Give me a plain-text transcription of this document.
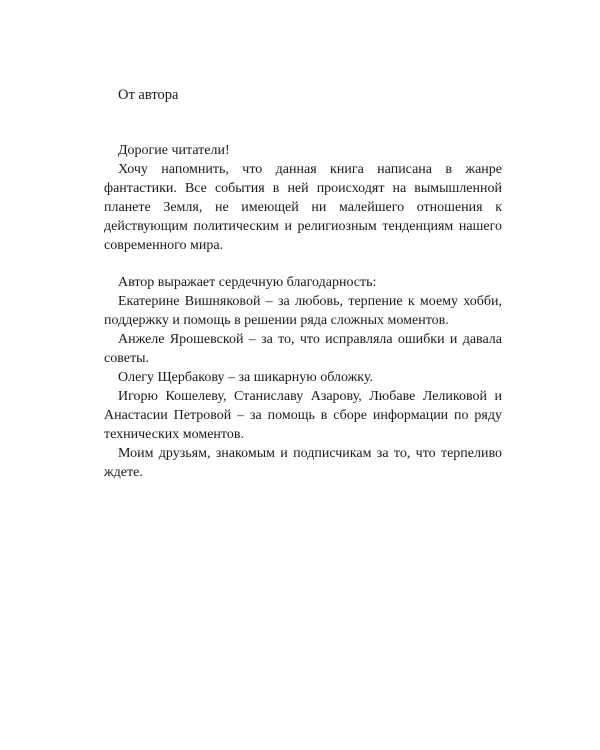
От автора

Дорогие читатели!

Хочу напомнить, что данная книга написана в жанре фантастики. Все события в ней происходят на вымышленной планете Земля, не имеющей ни малейшего отношения к действующим политическим и религиозным тенденциям нашего современного мира.

Автор выражает сердечную благодарность:

Екатерине Вишняковой – за любовь, терпение к моему хобби, поддержку и помощь в решении ряда сложных моментов.

Анжеле Ярошевской – за то, что исправляла ошибки и давала советы.

Олегу Щербакову – за шикарную обложку.

Игорю Кошелеву, Станиславу Азарову, Любаве Леликовой и Анастасии Петровой – за помощь в сборе информации по ряду технических моментов.

Моим друзьям, знакомым и подписчикам за то, что терпеливо ждете.
